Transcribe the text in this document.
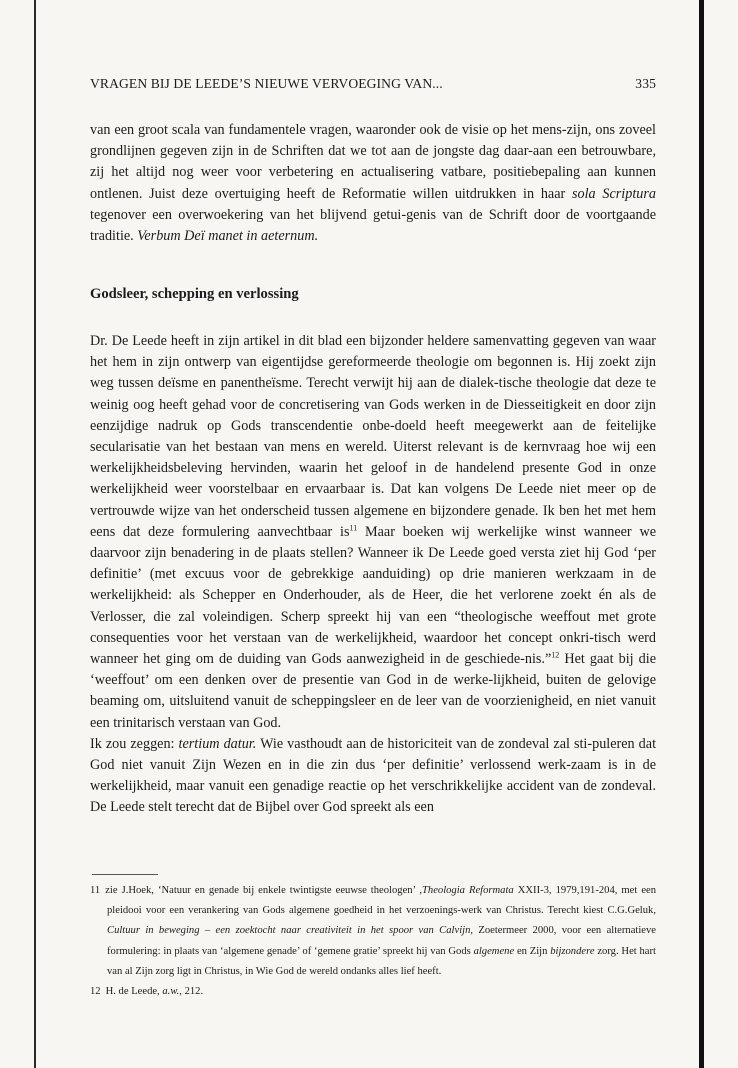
VRAGEN BIJ DE LEEDE’S NIEUWE VERVOEGING VAN...	335

van een groot scala van fundamentele vragen, waaronder ook de visie op het mens-zijn, ons zoveel grondlijnen gegeven zijn in de Schriften dat we tot aan de jongste dag daar-aan een betrouwbare, zij het altijd nog weer voor verbetering en actualisering vatbare, positiebepaling aan kunnen ontlenen. Juist deze overtuiging heeft de Reformatie willen uitdrukken in haar sola Scriptura tegenover een overwoekering van het blijvend getui-genis van de Schrift door de voortgaande traditie. Verbum Deï manet in aeternum.

Godsleer, schepping en verlossing

Dr. De Leede heeft in zijn artikel in dit blad een bijzonder heldere samenvatting gegeven van waar het hem in zijn ontwerp van eigentijdse gereformeerde theologie om begonnen is. Hij zoekt zijn weg tussen deïsme en panentheïsme. Terecht verwijt hij aan de dialek-tische theologie dat deze te weinig oog heeft gehad voor de concretisering van Gods werken in de Diesseitigkeit en door zijn eenzijdige nadruk op Gods transcendentie onbe-doeld heeft meegewerkt aan de feitelijke secularisatie van het bestaan van mens en wereld. Uiterst relevant is de kernvraag hoe wij een werkelijkheidsbeleving hervinden, waarin het geloof in de handelend presente God in onze werkelijkheid weer voorstelbaar en ervaarbaar is. Dat kan volgens De Leede niet meer op de vertrouwde wijze van het onderscheid tussen algemene en bijzondere genade. Ik ben het met hem eens dat deze formulering aanvechtbaar $is^{11}$ Maar boeken wij werkelijke winst wanneer we daarvoor zijn benadering in de plaats stellen? Wanneer ik De Leede goed versta ziet hij God ‘per definitie’ (met excuus voor de gebrekkige aanduiding) op drie manieren werkzaam in de werkelijkheid: als Schepper en Onderhouder, als de Heer, die het verlorene zoekt én als de Verlosser, die zal voleindigen. Scherp spreekt hij van een “theologische weeffout met grote consequenties voor het verstaan van de werkelijkheid, waardoor het concept onkri-tisch werd wanneer het ging om de duiding van Gods aanwezigheid in de geschiede-nis.”$^{12}$ Het gaat bij die ‘weeffout’ om een denken over de presentie van God in de werke-lijkheid, buiten de gelovige beaming om, uitsluitend vanuit de scheppingsleer en de leer van de voorzienigheid, en niet vanuit een trinitarisch verstaan van God.

Ik zou zeggen: tertium datur. Wie vasthoudt aan de historiciteit van de zondeval zal sti-puleren dat God niet vanuit Zijn Wezen en in die zin dus ‘per definitie’ verlossend werk-zaam is in de werkelijkheid, maar vanuit een genadige reactie op het verschrikkelijke accident van de zondeval. De Leede stelt terecht dat de Bijbel over God spreekt als een

11 zie J.Hoek, ‘Natuur en genade bij enkele twintigste eeuwse theologen’ ,Theologia Reformata XXII-3, 1979,191-204, met een pleidooi voor een verankering van Gods algemene goedheid in het verzoenings-werk van Christus. Terecht kiest C.G.Geluk, Cultuur in beweging – een zoektocht naar creativiteit in het spoor van Calvijn, Zoetermeer 2000, voor een alternatieve formulering: in plaats van ‘algemene genade’ of ‘gemene gratie’ spreekt hij van Gods algemene en Zijn bijzondere zorg. Het hart van al Zijn zorg ligt in Christus, in Wie God de wereld ondanks alles lief heeft.

12 H. de Leede, a.w., 212.
